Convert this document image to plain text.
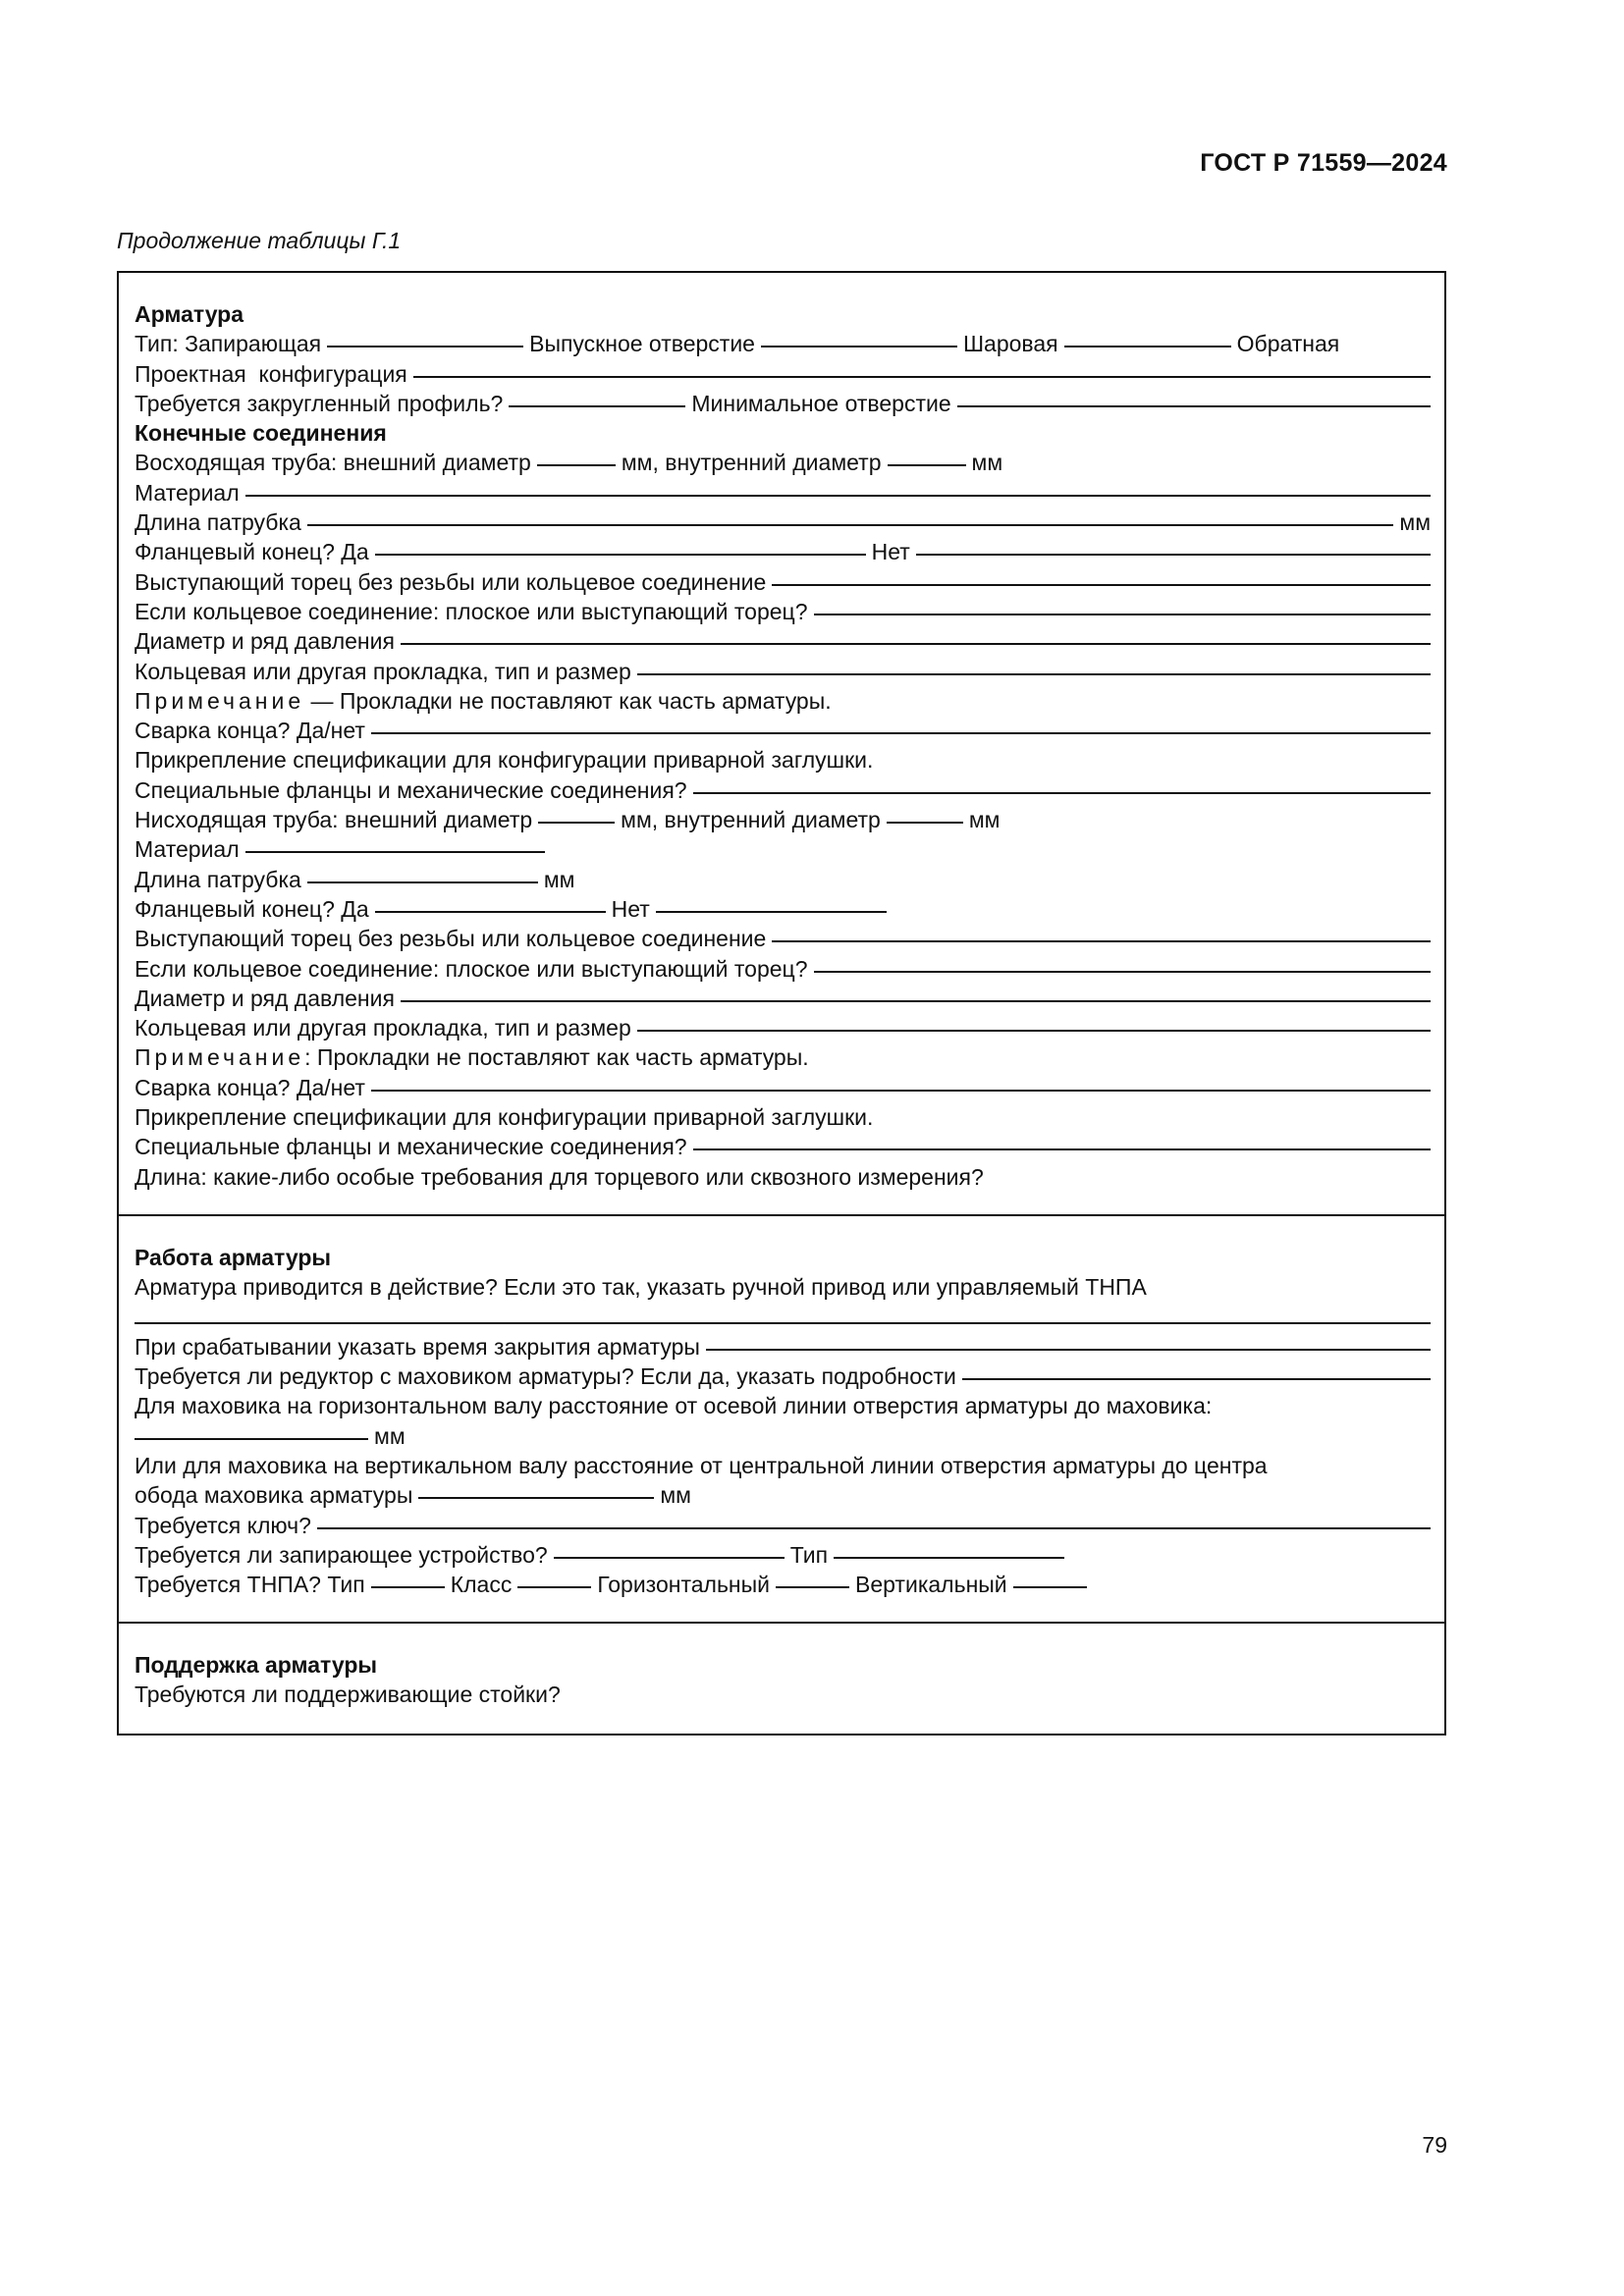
ГОСТ Р 71559—2024
Продолжение таблицы Г.1
Арматура
Тип: Запирающая	Выпускное отверстие	Шаровая	Обратная
Проектная  конфигурация
Требуется закругленный профиль?	Минимальное отверстие
Конечные соединения
Восходящая труба: внешний диаметр	мм, внутренний диаметр	мм
Материал
Длина патрубка	мм
Фланцевый конец? Да	Нет
Выступающий торец без резьбы или кольцевое соединение
Если кольцевое соединение: плоское или выступающий торец?
Диаметр и ряд давления
Кольцевая или другая прокладка, тип и размер
Примечание — Прокладки не поставляют как часть арматуры.
Сварка конца? Да/нет
Прикрепление спецификации для конфигурации приварной заглушки.
Специальные фланцы и механические соединения?
Нисходящая труба: внешний диаметр	мм, внутренний диаметр	мм
Материал
Длина патрубка	мм
Фланцевый конец? Да	Нет
Выступающий торец без резьбы или кольцевое соединение
Если кольцевое соединение: плоское или выступающий торец?
Диаметр и ряд давления
Кольцевая или другая прокладка, тип и размер
Примечание : Прокладки не поставляют как часть арматуры.
Сварка конца? Да/нет
Прикрепление спецификации для конфигурации приварной заглушки.
Специальные фланцы и механические соединения?
Длина: какие-либо особые требования для торцевого или сквозного измерения?
Работа арматуры
Арматура приводится в действие? Если это так, указать ручной привод или управляемый ТНПА
При срабатывании указать время закрытия арматуры
Требуется ли редуктор с маховиком арматуры? Если да, указать подробности
Для маховика на горизонтальном валу расстояние от осевой линии отверстия арматуры до маховика:
мм
Или для маховика на вертикальном валу расстояние от центральной линии отверстия арматуры до центра
обода маховика арматуры	мм
Требуется ключ?
Требуется ли запирающее устройство?	Тип
Требуется ТНПА? Тип	Класс	Горизонтальный	Вертикальный
Поддержка арматуры
Требуются ли поддерживающие стойки?
79
